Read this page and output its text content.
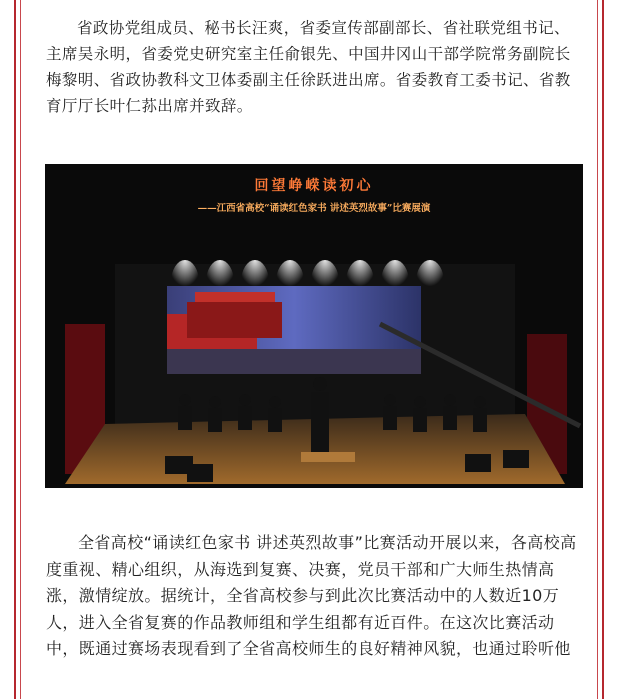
省政协党组成员、秘书长汪爽，省委宣传部副部长、省社联党组书记、主席吴永明，省委党史研究室主任俞银先、中国井冈山干部学院常务副院长梅黎明、省政协教科文卫体委副主任徐跃进出席。省委教育工委书记、省教育厅厅长叶仁荪出席并致辞。
回望峥嵘读初心
——江西省高校“诵读红色家书 讲述英烈故事”比赛展演
全省高校“诵读红色家书 讲述英烈故事”比赛活动开展以来，各高校高度重视、精心组织，从海选到复赛、决赛，党员干部和广大师生热情高涨，激情绽放。据统计，全省高校参与到此次比赛活动中的人数近10万人，进入全省复赛的作品教师组和学生组都有近百件。在这次比赛活动中，既通过赛场表现看到了全省高校师生的良好精神风貌，也通过聆听他
